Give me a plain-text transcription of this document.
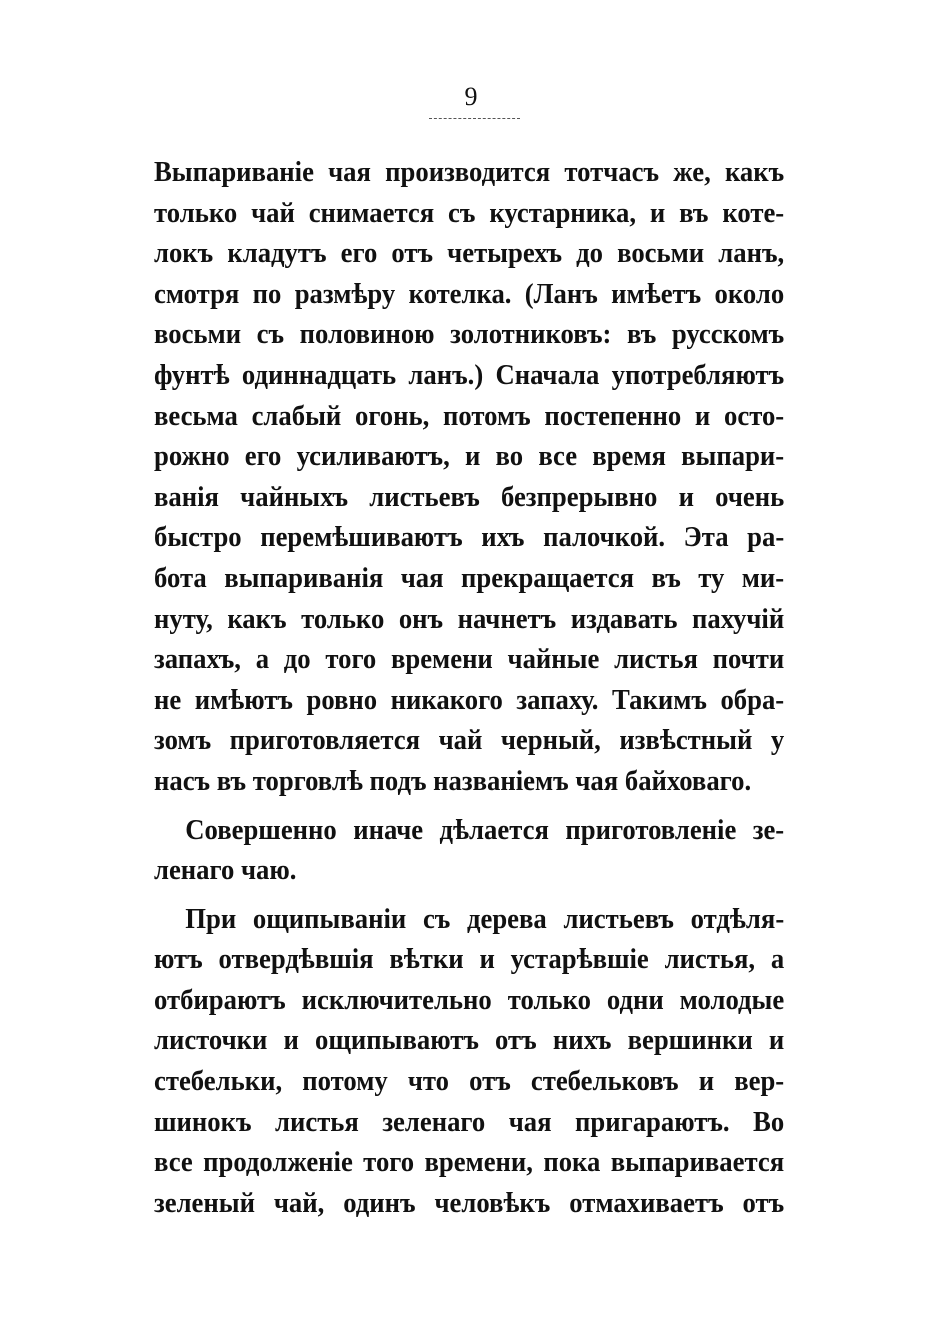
9

Выпариванie чая производится тотчасъ же, какъ
только чай снимается съ кустарника, и въ коте-
локъ кладутъ его отъ четырехъ до восьми ланъ,
смотря по размѣру котелка. (Ланъ имѣетъ около
восьми съ половиною золотниковъ: въ русскомъ
фунтѣ одиннадцать ланъ.) Сначала употребляютъ
весьма слабый огонь, потомъ постепенно и осто-
рожно его усиливаютъ, и во все время выпари-
ванія чайныхъ листьевъ безпрерывно и очень
быстро перемѣшиваютъ ихъ палочкой. Эта ра-
бота выпариванія чая прекращается въ ту ми-
нуту, какъ только онъ начнетъ издавать пахучій
запахъ, а до того времени чайные листья почти
не имѣютъ ровно никакого запаху. Такимъ обра-
зомъ приготовляется чай черный, извѣстный у
насъ въ торговлѣ подъ названіемъ чая байховаго.

Совершенно иначе дѣлается приготовленіе зе-
ленаго чаю.

При ощипываніи съ дерева листьевъ отдѣля-
ютъ отвердѣвшія вѣтки и устарѣвшіе листья, а
отбираютъ исключительно только одни молодые
листочки и ощипываютъ отъ нихъ вершинки и
стебельки, потому что отъ стебельковъ и вер-
шинокъ листья зеленаго чая пригараютъ. Во
все продолженіе того времени, пока выпаривается
зеленый чай, одинъ человѣкъ отмахиваетъ отъ
